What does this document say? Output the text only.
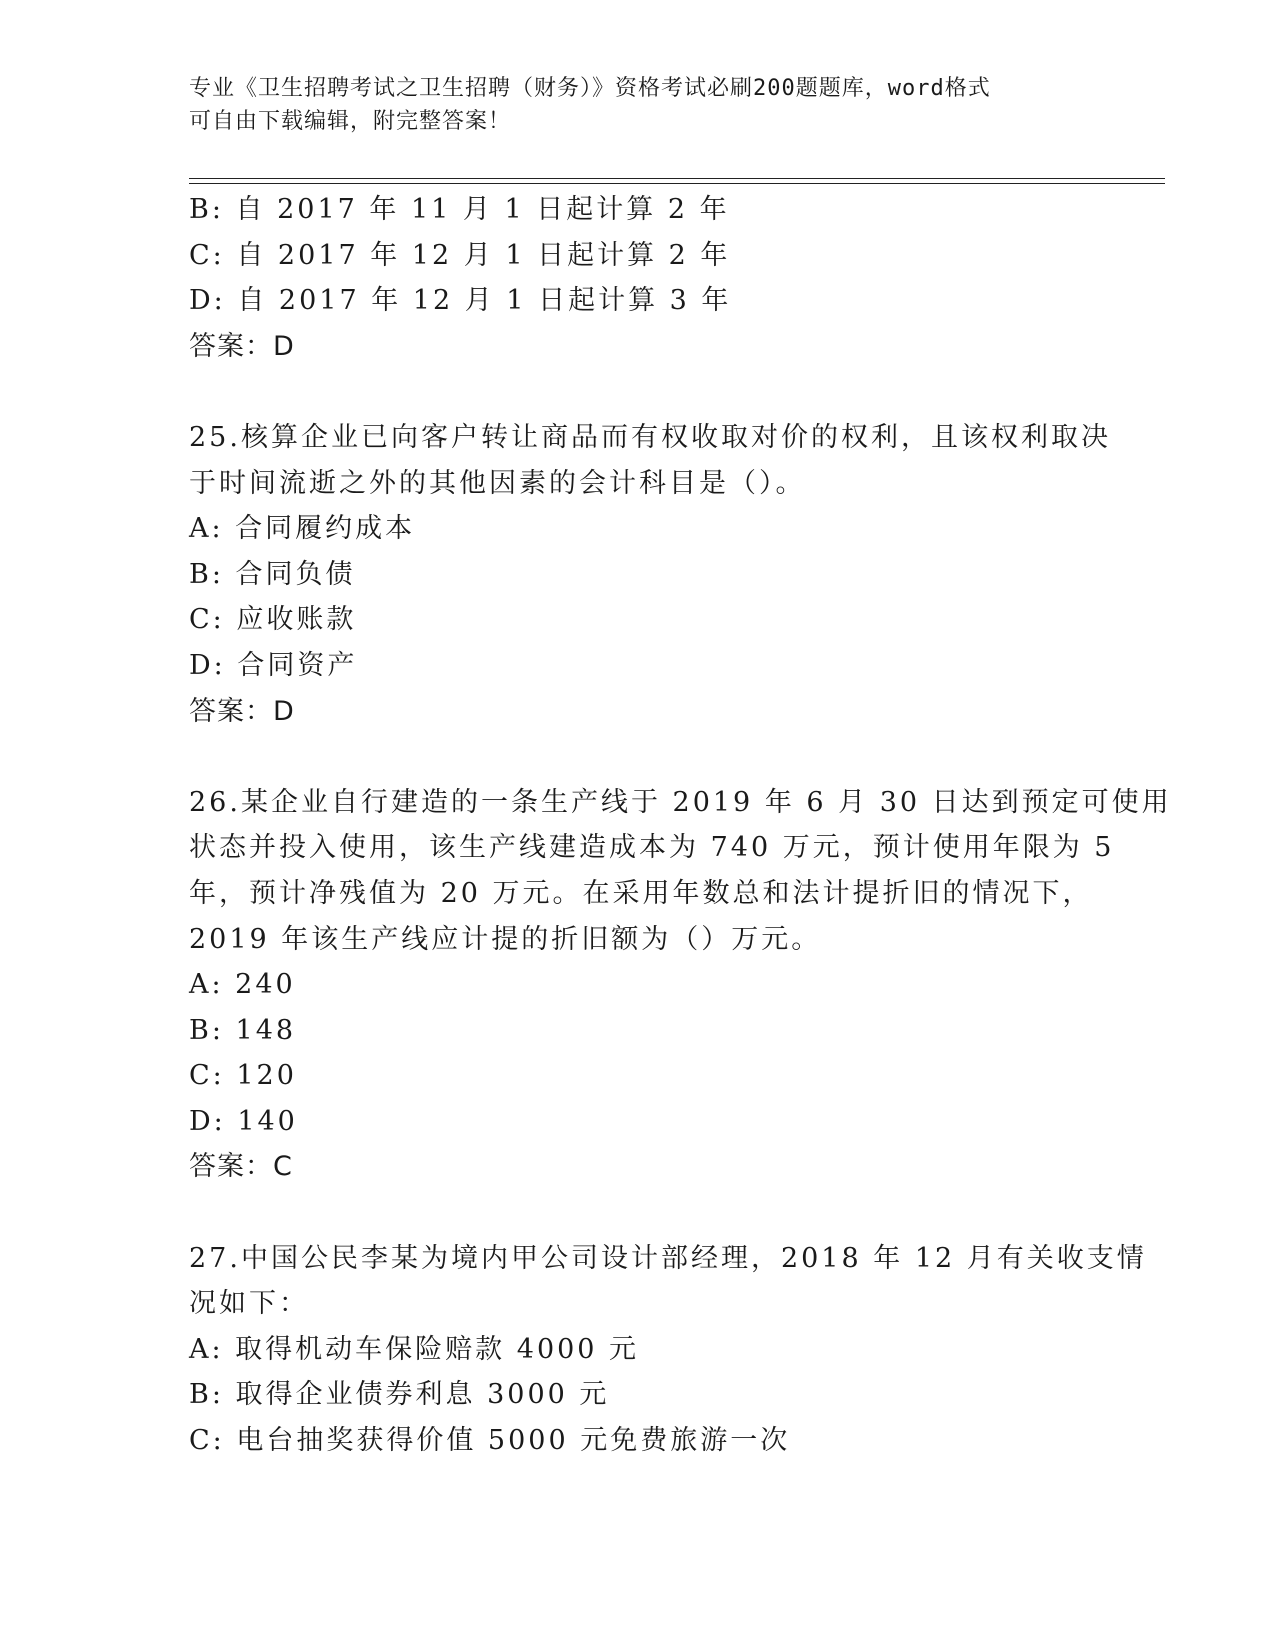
专业《卫生招聘考试之卫生招聘（财务）》资格考试必刷200题题库，word格式
可自由下载编辑，附完整答案！
B: 自 2017 年 11 月 1 日起计算 2 年
C: 自 2017 年 12 月 1 日起计算 2 年
D: 自 2017 年 12 月 1 日起计算 3 年
答案：D
25.核算企业已向客户转让商品而有权收取对价的权利，且该权利取决
于时间流逝之外的其他因素的会计科目是（）。
A: 合同履约成本
B: 合同负债
C: 应收账款
D: 合同资产
答案：D
26.某企业自行建造的一条生产线于 2019 年 6 月 30 日达到预定可使用
状态并投入使用，该生产线建造成本为 740 万元，预计使用年限为 5
年，预计净残值为 20 万元。在采用年数总和法计提折旧的情况下，
2019 年该生产线应计提的折旧额为（）万元。
A: 240
B: 148
C: 120
D: 140
答案：C
27.中国公民李某为境内甲公司设计部经理，2018 年 12 月有关收支情
况如下：
A: 取得机动车保险赔款 4000 元
B: 取得企业债券利息 3000 元
C: 电台抽奖获得价值 5000 元免费旅游一次
